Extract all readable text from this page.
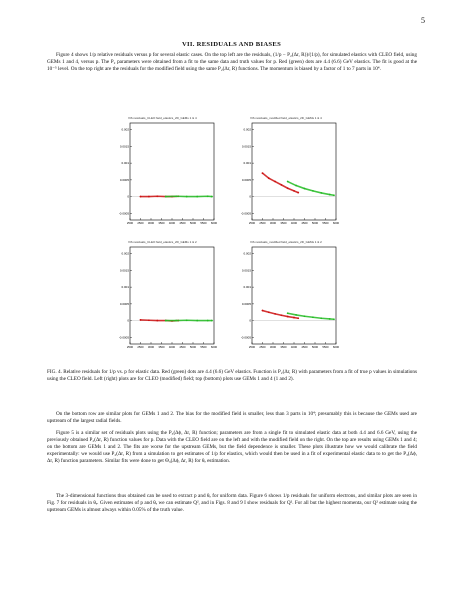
5
VII. RESIDUALS AND BIASES
Figure 4 shows 1/p relative residuals versus p for several elastic cases. On the top left are the residuals, (1/p − P₂(Δr, R))/(1/p), for simulated elastics with CLEO field, using GEMs 1 and 4, versus p. The P₂ parameters were obtained from a fit to the same data and truth values for p. Red (green) dots are 4.4 (6.6) GeV elastics. The fit is good at the 10⁻⁵ level. On the top right are the residuals for the modified field using the same P₂(Δr, R) functions. The momentum is biased by a factor of 1 to 7 parts in 10⁴.
ViS residuals_CLEO field_elastics_2D_GEMs 1 & 4
0.002
0.0015
0.001
0.0005
0
-0.0005
2500 2500 3000 3500 4000 4500 5000 5500 6000
ViS residuals_modified field_elastics_2D_GEMs 1 & 4
0.002
0.0015
0.001
0.0005
0
-0.0005
2500 2500 3000 3500 4000 4500 5000 5500 6000
ViS residuals_CLEO field_elastics_2D_GEMs 1 & 2
0.002
0.0015
0.001
0.0005
0
-0.0005
2500 2500 3000 3500 4000 4500 5000 5500 6000
ViS residuals_modified field_elastics_2D_GEMs 1 & 2
0.002
0.0015
0.001
0.0005
0
-0.0005
2500 2500 3000 3500 4000 4500 5000 5500 6000
FIG. 4. Relative residuals for 1/p vs. p for elastic data. Red (green) dots are 4.4 (6.6) GeV elastics. Function is P₂(Δr, R) with parameters from a fit of true p values in simulations using the CLEO field. Left (right) plots are for CLEO (modified) field; top (bottom) plots use GEMs 1 and 4 (1 and 2).
On the bottom row are similar plots for GEMs 1 and 2. The bias for the modified field is smaller, less than 3 parts in 10⁴; presumably this is because the GEMs used are upstream of the largest radial fields.
Figure 5 is a similar set of residuals plots using the P₃(Δϕ, Δr, R) function; parameters are from a single fit to simulated elastic data at both 4.4 and 6.6 GeV, using the previously obtained P₂(Δr, R) function values for p. Data with the CLEO field are on the left and with the modified field on the right. On the top are results using GEMs 1 and 4; on the bottom are GEMs 1 and 2. The fits are worse for the upstream GEMs, but the field dependence is smaller. These plots illustrate how we would calibrate the field experimentally: we would use P₂(Δr, R) from a simulation to get estimates of 1/p for elastics, which would then be used in a fit of experimental elastic data to to get the P₃(Δϕ, Δr, R) function parameters. Similar fits were done to get Θ₃(Δϕ, Δr, R) for θₑ estimation.
The 3-dimensional functions thus obtained can be used to extract p and θₑ for uniform data. Figure 6 shows 1/p residuals for uniform electrons, and similar plots are seen in Fig. 7 for residuals in θₑ. Given estimates of p and θₑ we can estimate Q², and in Figs. 8 and 9 I show residuals for Q². For all but the highest momenta, our Q² estimate using the upstream GEMs is almost always within 0.05% of the truth value.
